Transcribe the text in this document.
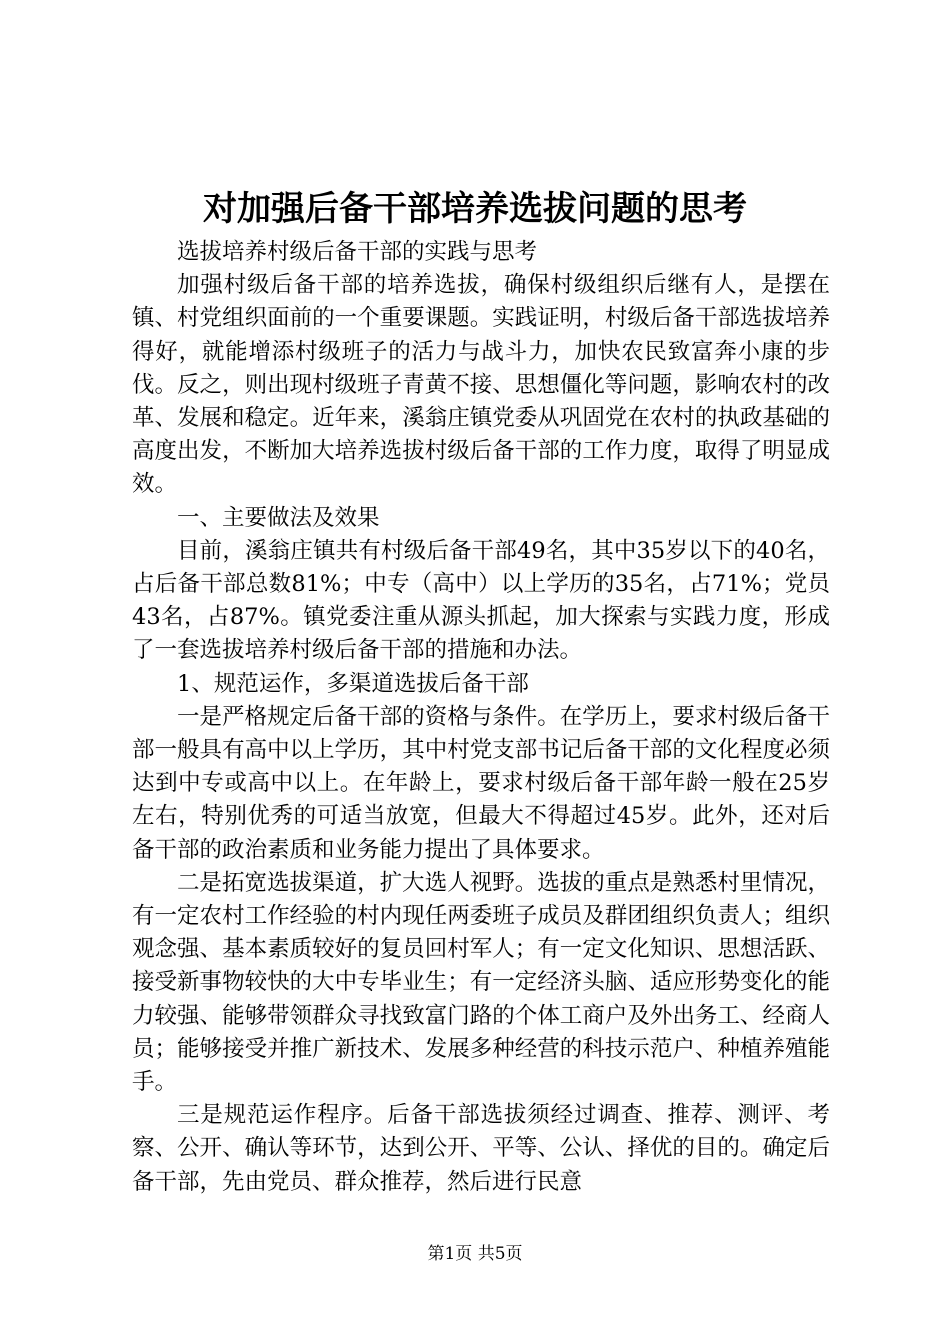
对加强后备干部培养选拔问题的思考

选拔培养村级后备干部的实践与思考

加强村级后备干部的培养选拔，确保村级组织后继有人，是摆在镇、村党组织面前的一个重要课题。实践证明，村级后备干部选拔培养得好，就能增添村级班子的活力与战斗力，加快农民致富奔小康的步伐。反之，则出现村级班子青黄不接、思想僵化等问题，影响农村的改革、发展和稳定。近年来，溪翁庄镇党委从巩固党在农村的执政基础的高度出发，不断加大培养选拔村级后备干部的工作力度，取得了明显成效。

一、主要做法及效果

目前，溪翁庄镇共有村级后备干部49名，其中35岁以下的40名，占后备干部总数81%；中专（高中）以上学历的35名，占71%；党员43名，占87%。镇党委注重从源头抓起，加大探索与实践力度，形成了一套选拔培养村级后备干部的措施和办法。

1、规范运作，多渠道选拔后备干部

一是严格规定后备干部的资格与条件。在学历上，要求村级后备干部一般具有高中以上学历，其中村党支部书记后备干部的文化程度必须达到中专或高中以上。在年龄上，要求村级后备干部年龄一般在25岁左右，特别优秀的可适当放宽，但最大不得超过45岁。此外，还对后备干部的政治素质和业务能力提出了具体要求。

二是拓宽选拔渠道，扩大选人视野。选拔的重点是熟悉村里情况，有一定农村工作经验的村内现任两委班子成员及群团组织负责人；组织观念强、基本素质较好的复员回村军人；有一定文化知识、思想活跃、接受新事物较快的大中专毕业生；有一定经济头脑、适应形势变化的能力较强、能够带领群众寻找致富门路的个体工商户及外出务工、经商人员；能够接受并推广新技术、发展多种经营的科技示范户、种植养殖能手。

三是规范运作程序。后备干部选拔须经过调查、推荐、测评、考察、公开、确认等环节，达到公开、平等、公认、择优的目的。确定后备干部，先由党员、群众推荐，然后进行民意

第1页 共5页
